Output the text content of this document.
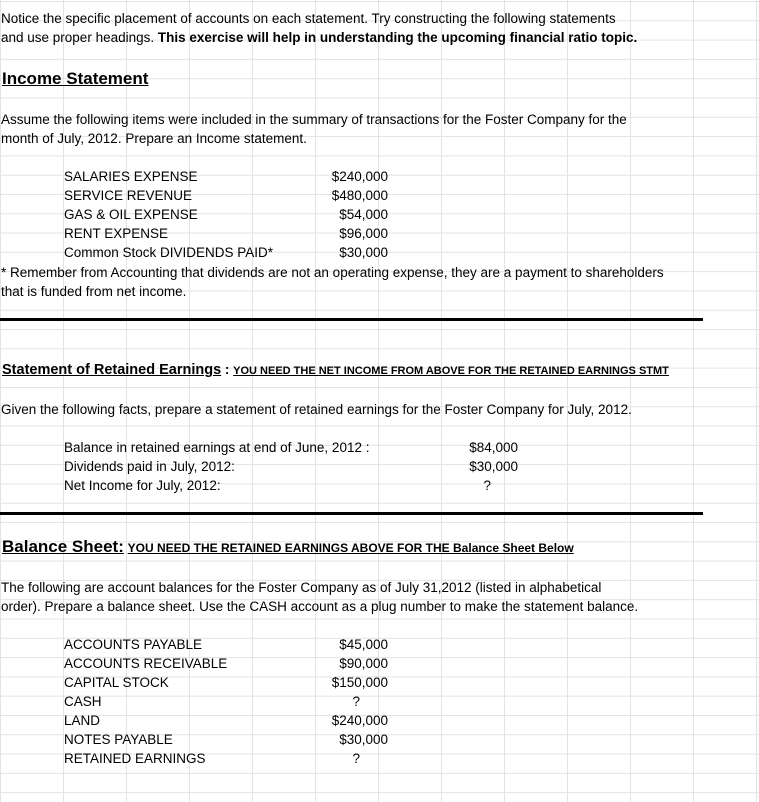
Notice the specific placement of accounts on each statement. Try constructing the following statements
and use proper headings. This exercise will help in understanding the upcoming financial ratio topic.
Income Statement
Assume the following items were included in the summary of transactions for the Foster Company for the
month of July, 2012. Prepare an Income statement.
SALARIES EXPENSE	$240,000
SERVICE REVENUE	$480,000
GAS & OIL EXPENSE	$54,000
RENT EXPENSE	$96,000
Common Stock DIVIDENDS PAID*	$30,000
* Remember from Accounting that dividends are not an operating expense, they are a payment to shareholders
that is funded from net income.
Statement of Retained Earnings : YOU NEED THE NET INCOME FROM ABOVE FOR THE RETAINED EARNINGS STMT
Given the following facts, prepare a statement of retained earnings for the Foster Company for July, 2012.
Balance in retained earnings at end of June, 2012 :	$84,000
Dividends paid in July, 2012:	$30,000
Net Income for July, 2012:	?
Balance Sheet: YOU NEED THE RETAINED EARNINGS ABOVE FOR THE Balance Sheet Below
The following are account balances for the Foster Company as of July 31,2012 (listed in alphabetical
order). Prepare a balance sheet. Use the CASH account as a plug number to make the statement balance.
ACCOUNTS PAYABLE	$45,000
ACCOUNTS RECEIVABLE	$90,000
CAPITAL STOCK	$150,000
CASH	?
LAND	$240,000
NOTES PAYABLE	$30,000
RETAINED EARNINGS	?
